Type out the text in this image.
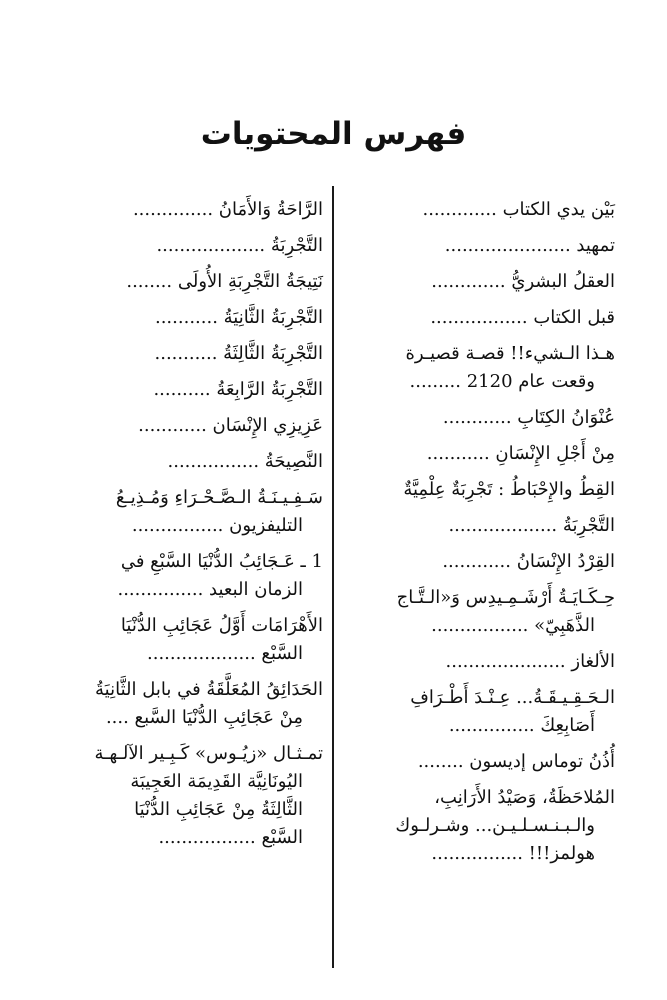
فهرس المحتويات
بَيْن يدي الكتاب .............
تمهيد ......................
العقلُ البشريُّ .............
قبل الكتاب .................
هـذا الـشيء!! قصـة قصيـرة
وقعت عام 2120 .........
عُنْوَانُ الكِتَابِ ............
مِنْ أَجْلِ الإِنْسَانِ ...........
القِطُ والإِحْبَاطُ : تَجْرِبَةٌ عِلْمِيَّةٌ
التَّجْرِبَةُ ...................
القِرْدُ الإِنْسَانُ ............
حِـكَـايَـةُ أَرْشَـمِـيدِس وَ«الـتَّـاج
الذَّهَبِيّ» .................
الألغاز .....................
الـحَـقِـيـقَـةُ... عِـنْـدَ أَطْـرَافِ
أَصَابِعِكَ ...............
أُذُنُ توماس إديسون ........
المُلاحَظَةُ، وَصَيْدُ الأَرَانِبِ،
والـبـنـسـلـيـن... وشـرلـوك
هولمز!!! ................
الرَّاحَةُ وَالأَمَانُ ..............
التَّجْرِبَةُ ...................
نَتِيجَةُ التَّجْرِبَةِ الأُولَى ........
التَّجْرِبَةُ الثَّانِيَةُ ...........
التَّجْرِبَةُ الثَّالِثَةُ ...........
التَّجْرِبَةُ الرَّابِعَةُ ..........
عَزِيزِي الإِنْسَان ............
النَّصِيحَةُ ................
سَـفِـيـنَـةُ الـصَّـحْـرَاءِ وَمُـذِيـعُ
التليفزيون ................
1 ـ عَـجَائِبُ الدُّنْيَا السَّبْعِ في
الزمان البعيد ...............
الأَهْرَامَات أَوَّلُ عَجَائِبِ الدُّنْيَا
السَّبْع ...................
الحَدَائِقُ المُعَلَّقَةُ في بابل الثَّانِيَةُ
مِنْ عَجَائِبِ الدُّنْيَا السَّبع ....
تمـثـال «زيُـوس» كَـبِـير الآلـهـة
اليُونَانِيَّة القَدِيمَة العَجِيبَة
الثَّالِثَةُ مِنْ عَجَائِبِ الدُّنْيَا
السَّبْع .................
